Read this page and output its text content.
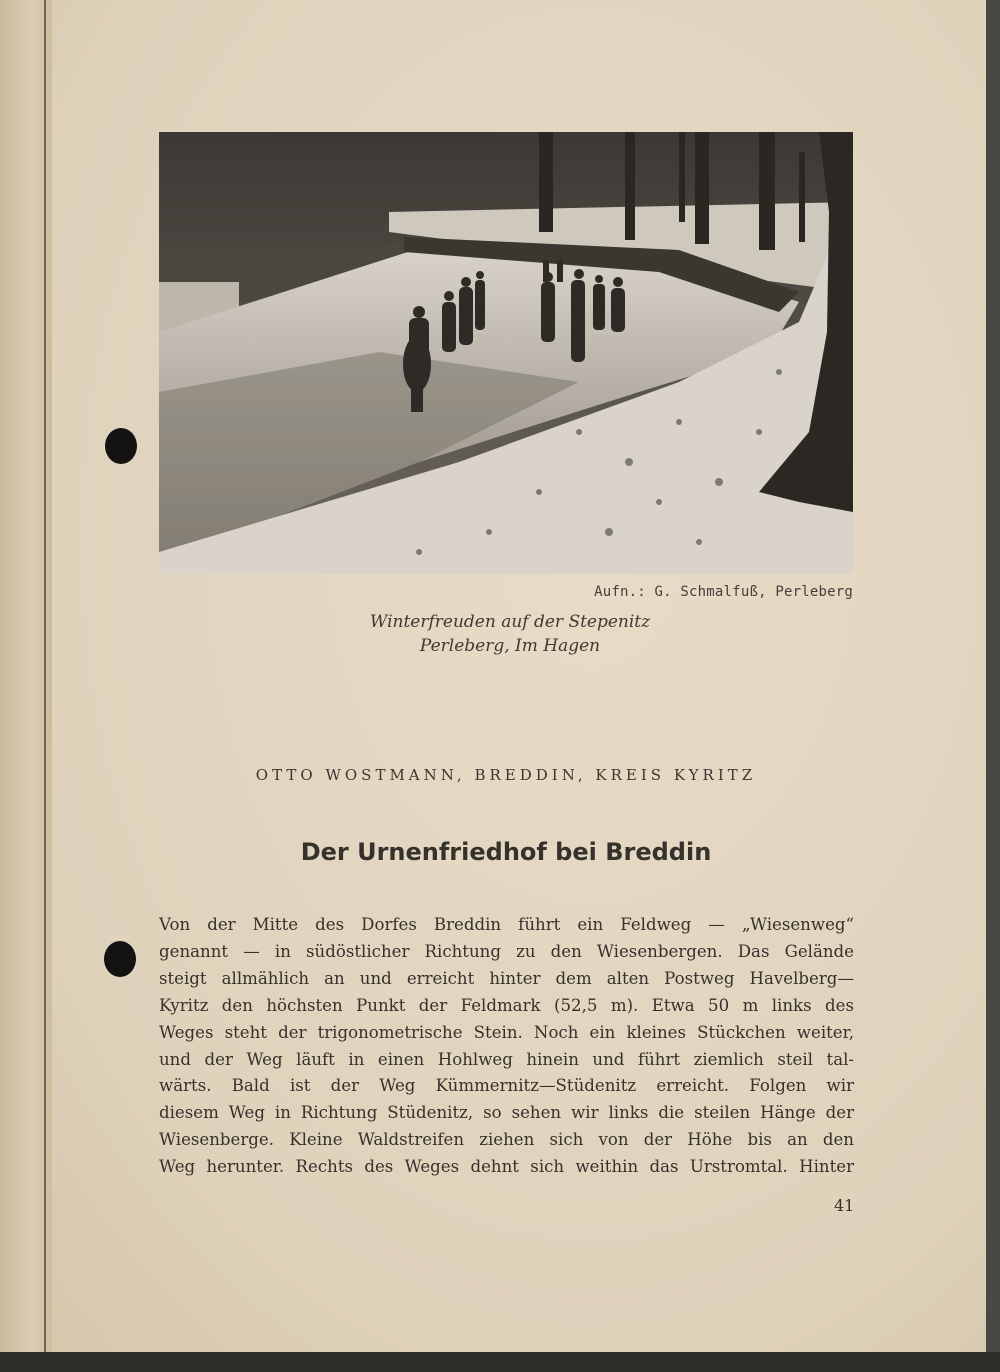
Aufn.: G. Schmalfuß, Perleberg
Winterfreuden auf der Stepenitz
Perleberg, Im Hagen
OTTO WOSTMANN, BREDDIN, KREIS KYRITZ
Der Urnenfriedhof bei Breddin
Von der Mitte des Dorfes Breddin führt ein Feldweg — „Wiesenweg“
genannt — in südöstlicher Richtung zu den Wiesenbergen. Das Gelände
steigt allmählich an und erreicht hinter dem alten Postweg Havelberg—
Kyritz den höchsten Punkt der Feldmark (52,5 m). Etwa 50 m links des
Weges steht der trigonometrische Stein. Noch ein kleines Stückchen weiter,
und der Weg läuft in einen Hohlweg hinein und führt ziemlich steil tal-
wärts. Bald ist der Weg Kümmernitz—Stüdenitz erreicht. Folgen wir
diesem Weg in Richtung Stüdenitz, so sehen wir links die steilen Hänge der
Wiesenberge. Kleine Waldstreifen ziehen sich von der Höhe bis an den
Weg herunter. Rechts des Weges dehnt sich weithin das Urstromtal. Hinter
41
